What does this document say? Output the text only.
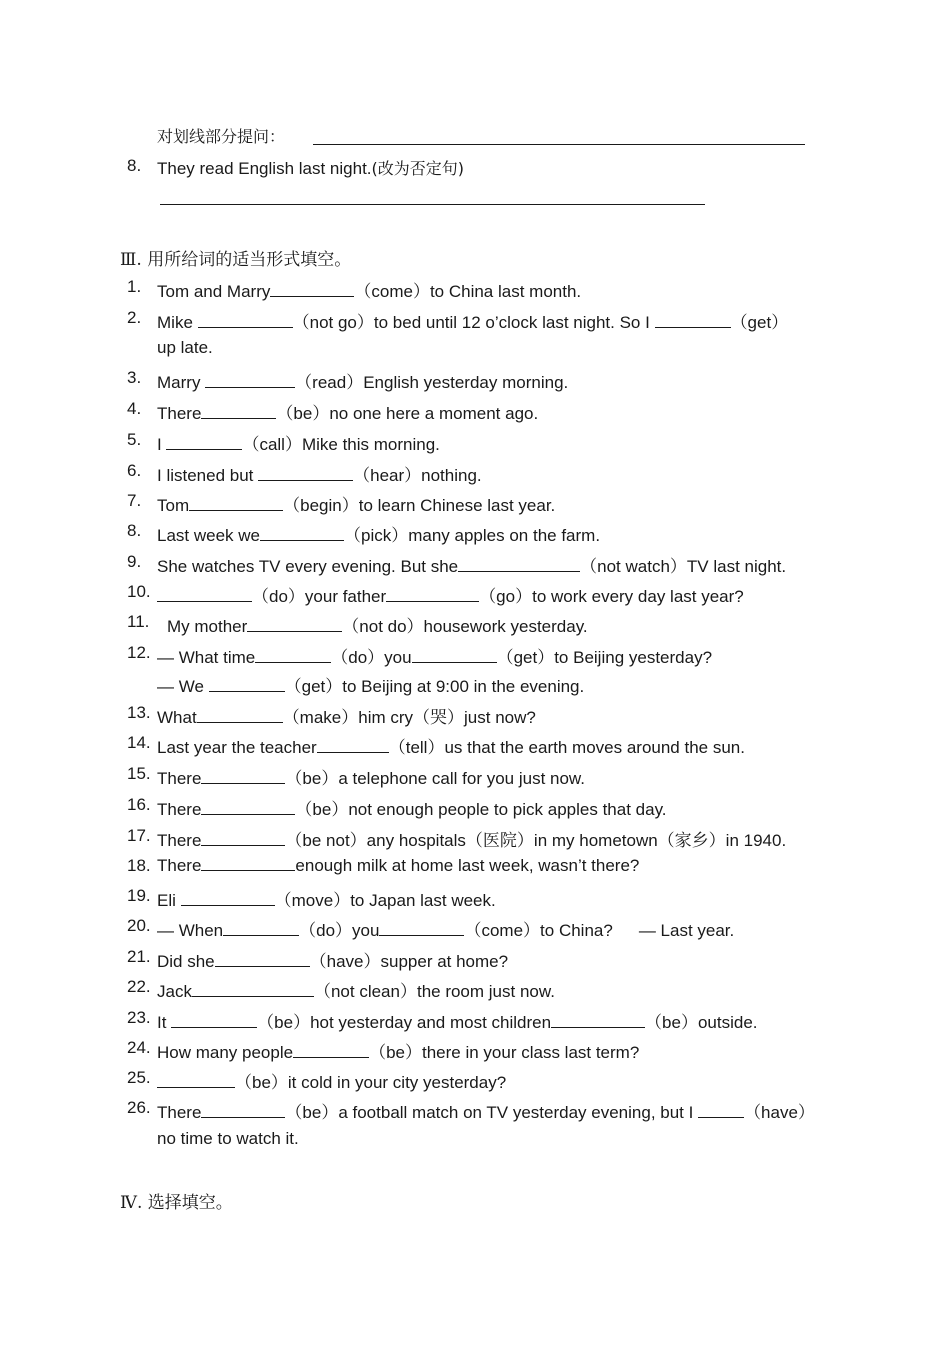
对划线部分提问：
8. They read English last night.(改为否定句)
Ⅲ. 用所给词的适当形式填空。
1. Tom and Marry	（come）to China last month.
2. Mike	（not go）to bed until 12 o’clock last night. So I	（get）
up late.
3. Marry	（read）English yesterday morning.
4. There	（be）no one here a moment ago.
5. I	（call）Mike this morning.
6. I listened but	（hear）nothing.
7. Tom	（begin）to learn Chinese last year.
8. Last week we	（pick）many apples on the farm.
9. She watches TV every evening. But she	（not watch）TV last night.
10.	（do）your father	（go）to work every day last year?
11. My mother	（not do）housework yesterday.
12. — What time	（do）you	（get）to Beijing yesterday?
— We	（get）to Beijing at 9:00 in the evening.
13. What	（make）him cry（哭）just now?
14. Last year the teacher	（tell）us that the earth moves around the sun.
15. There	（be）a telephone call for you just now.
16. There	（be）not enough people to pick apples that day.
17. There	（be not）any hospitals（医院）in my hometown（家乡）in 1940.
18. There	enough milk at home last week, wasn’t there?
19. Eli	（move）to Japan last week.
20. — When	（do）you	（come）to China? — Last year.
21. Did she	（have）supper at home?
22. Jack	（not clean）the room just now.
23. It	（be）hot yesterday and most children	（be）outside.
24. How many people	（be）there in your class last term?
25.	（be）it cold in your city yesterday?
26. There	（be）a football match on TV yesterday evening, but I	（have）
no time to watch it.
Ⅳ. 选择填空。
